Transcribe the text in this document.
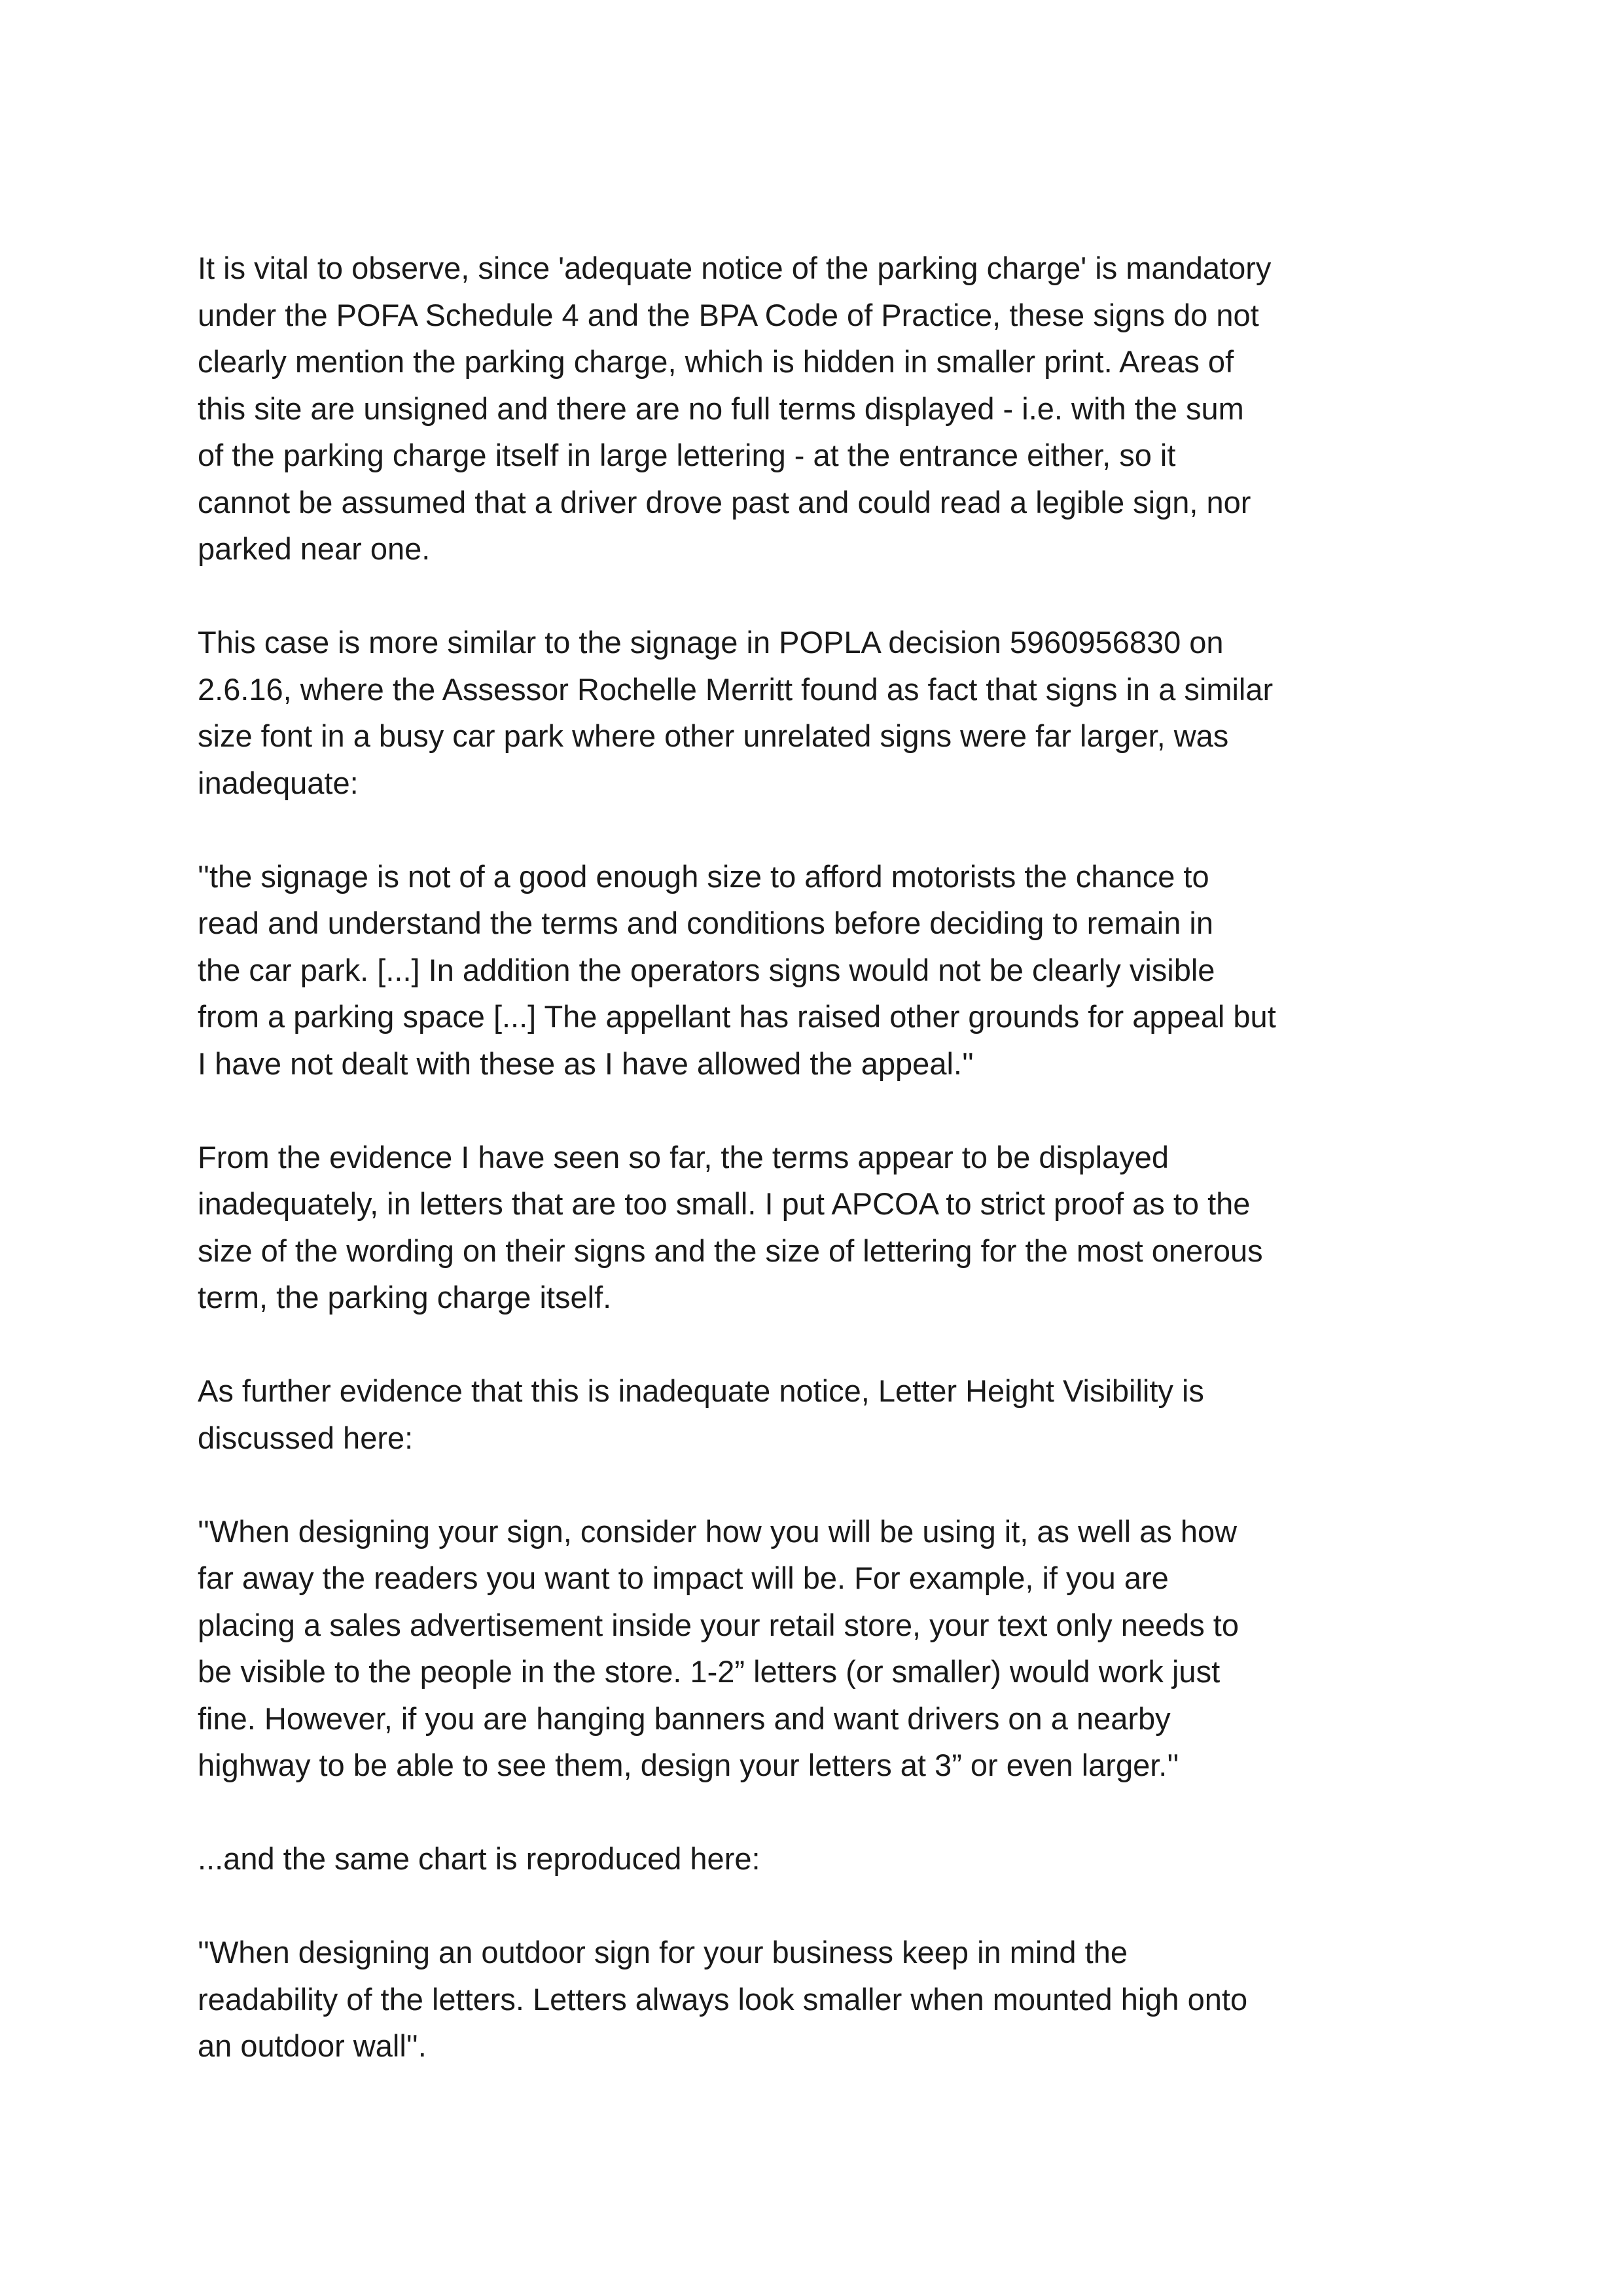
It is vital to observe, since 'adequate notice of the parking charge' is mandatory
under the POFA Schedule 4 and the BPA Code of Practice, these signs do not
clearly mention the parking charge, which is hidden in smaller print. Areas of
this site are unsigned and there are no full terms displayed - i.e. with the sum
of the parking charge itself in large lettering - at the entrance either, so it
cannot be assumed that a driver drove past and could read a legible sign, nor
parked near one.

This case is more similar to the signage in POPLA decision 5960956830 on
2.6.16, where the Assessor Rochelle Merritt found as fact that signs in a similar
size font in a busy car park where other unrelated signs were far larger, was
inadequate:

''the signage is not of a good enough size to afford motorists the chance to
read and understand the terms and conditions before deciding to remain in
the car park. [...] In addition the operators signs would not be clearly visible
from a parking space [...] The appellant has raised other grounds for appeal but
I have not dealt with these as I have allowed the appeal.''

From the evidence I have seen so far, the terms appear to be displayed
inadequately, in letters that are too small. I put APCOA to strict proof as to the
size of the wording on their signs and the size of lettering for the most onerous
term, the parking charge itself.

As further evidence that this is inadequate notice, Letter Height Visibility is
discussed here:

''When designing your sign, consider how you will be using it, as well as how
far away the readers you want to impact will be. For example, if you are
placing a sales advertisement inside your retail store, your text only needs to
be visible to the people in the store. 1-2” letters (or smaller) would work just
fine. However, if you are hanging banners and want drivers on a nearby
highway to be able to see them, design your letters at 3” or even larger.''

...and the same chart is reproduced here:

''When designing an outdoor sign for your business keep in mind the
readability of the letters. Letters always look smaller when mounted high onto
an outdoor wall''.
